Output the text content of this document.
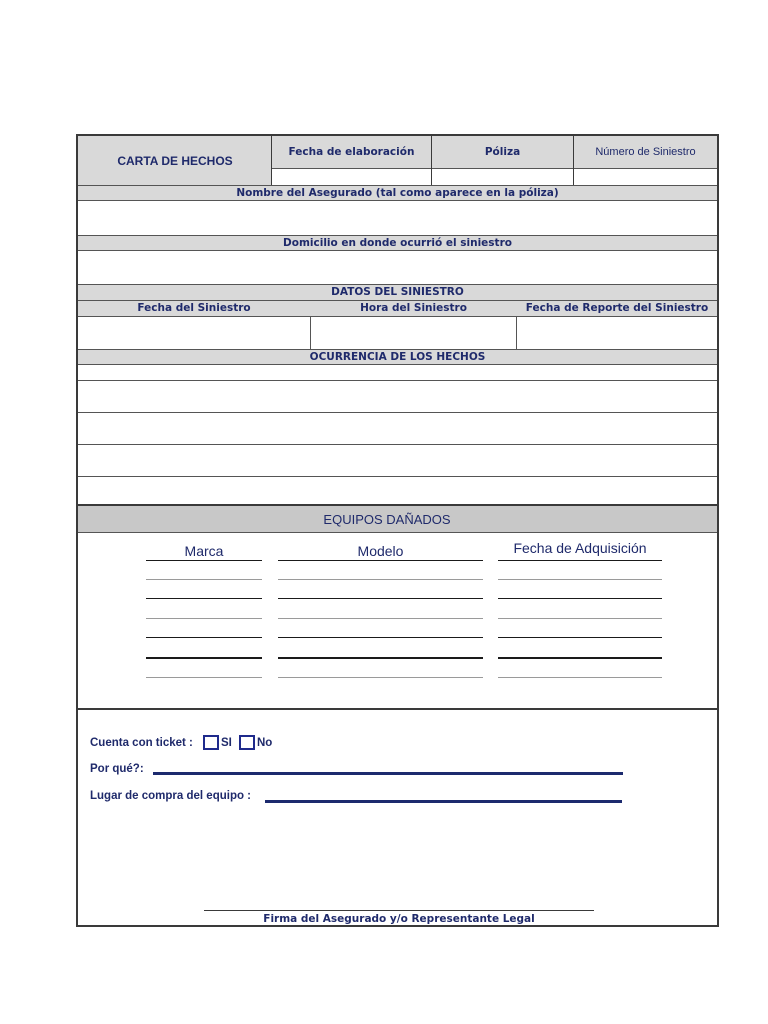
CARTA DE HECHOS
Fecha de elaboración	Póliza	Número de Siniestro
Nombre del Asegurado (tal como aparece en la póliza)
Domicilio en donde ocurrió el siniestro
DATOS DEL SINIESTRO
Fecha del Siniestro	Hora del Siniestro	Fecha de Reporte del Siniestro
OCURRENCIA DE LOS HECHOS
EQUIPOS DAÑADOS
Marca	Modelo	Fecha de Adquisición
Cuenta con ticket : SI No
Por qué?:
Lugar de compra del equipo :
Firma del Asegurado y/o Representante Legal
